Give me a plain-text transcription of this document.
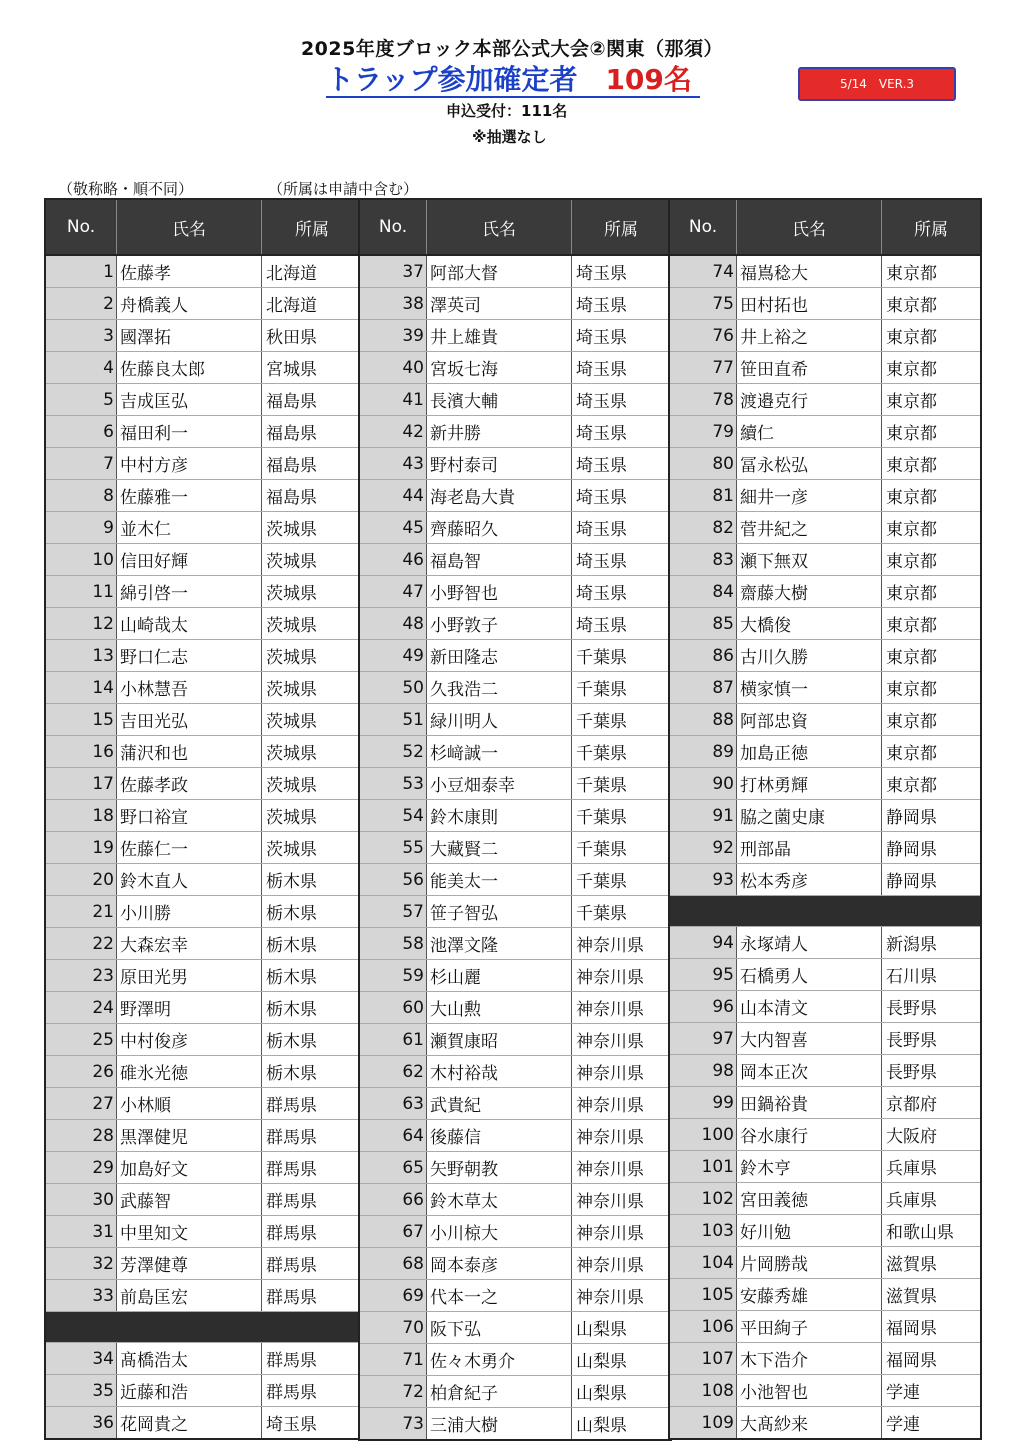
2025年度ブロック本部公式大会②関東（那須）
トラップ参加確定者 109名	5/14　VER.3
申込受付：111名
※抽選なし
（敬称略・順不同）	（所属は申請中含む）
No.	氏名	所属
1	佐藤孝	北海道
2	舟橋義人	北海道
3	國澤拓	秋田県
4	佐藤良太郎	宮城県
5	吉成匡弘	福島県
6	福田利一	福島県
7	中村方彦	福島県
8	佐藤雅一	福島県
9	並木仁	茨城県
10	信田好輝	茨城県
11	綿引啓一	茨城県
12	山崎哉太	茨城県
13	野口仁志	茨城県
14	小林慧吾	茨城県
15	吉田光弘	茨城県
16	蒲沢和也	茨城県
17	佐藤孝政	茨城県
18	野口裕宣	茨城県
19	佐藤仁一	茨城県
20	鈴木直人	栃木県
21	小川勝	栃木県
22	大森宏幸	栃木県
23	原田光男	栃木県
24	野澤明	栃木県
25	中村俊彦	栃木県
26	碓氷光徳	栃木県
27	小林順	群馬県
28	黒澤健児	群馬県
29	加島好文	群馬県
30	武藤智	群馬県
31	中里知文	群馬県
32	芳澤健尊	群馬県
33	前島匡宏	群馬県

34	髙橋浩太	群馬県
35	近藤和浩	群馬県
36	花岡貴之	埼玉県
No.	氏名	所属
37	阿部大督	埼玉県
38	澤英司	埼玉県
39	井上雄貴	埼玉県
40	宮坂七海	埼玉県
41	長濱大輔	埼玉県
42	新井勝	埼玉県
43	野村泰司	埼玉県
44	海老島大貴	埼玉県
45	齊藤昭久	埼玉県
46	福島智	埼玉県
47	小野智也	埼玉県
48	小野敦子	埼玉県
49	新田隆志	千葉県
50	久我浩二	千葉県
51	緑川明人	千葉県
52	杉﨑誠一	千葉県
53	小豆畑泰幸	千葉県
54	鈴木康則	千葉県
55	大藏賢二	千葉県
56	能美太一	千葉県
57	笹子智弘	千葉県
58	池澤文隆	神奈川県
59	杉山麗	神奈川県
60	大山勲	神奈川県
61	瀬賀康昭	神奈川県
62	木村裕哉	神奈川県
63	武貴紀	神奈川県
64	後藤信	神奈川県
65	矢野朝教	神奈川県
66	鈴木草太	神奈川県
67	小川椋大	神奈川県
68	岡本泰彦	神奈川県
69	代本一之	神奈川県
70	阪下弘	山梨県
71	佐々木勇介	山梨県
72	柏倉紀子	山梨県
73	三浦大樹	山梨県
No.	氏名	所属
74	福嶌稔大	東京都
75	田村拓也	東京都
76	井上裕之	東京都
77	笹田直希	東京都
78	渡邉克行	東京都
79	續仁	東京都
80	冨永松弘	東京都
81	細井一彦	東京都
82	菅井紀之	東京都
83	瀬下無双	東京都
84	齋藤大樹	東京都
85	大橋俊	東京都
86	古川久勝	東京都
87	横家慎一	東京都
88	阿部忠資	東京都
89	加島正徳	東京都
90	打林勇輝	東京都
91	脇之薗史康	静岡県
92	刑部晶	静岡県
93	松本秀彦	静岡県

94	永塚靖人	新潟県
95	石橋勇人	石川県
96	山本清文	長野県
97	大内智喜	長野県
98	岡本正次	長野県
99	田鍋裕貴	京都府
100	谷水康行	大阪府
101	鈴木亨	兵庫県
102	宮田義徳	兵庫県
103	好川勉	和歌山県
104	片岡勝哉	滋賀県
105	安藤秀雄	滋賀県
106	平田絢子	福岡県
107	木下浩介	福岡県
108	小池智也	学連
109	大髙紗来	学連
